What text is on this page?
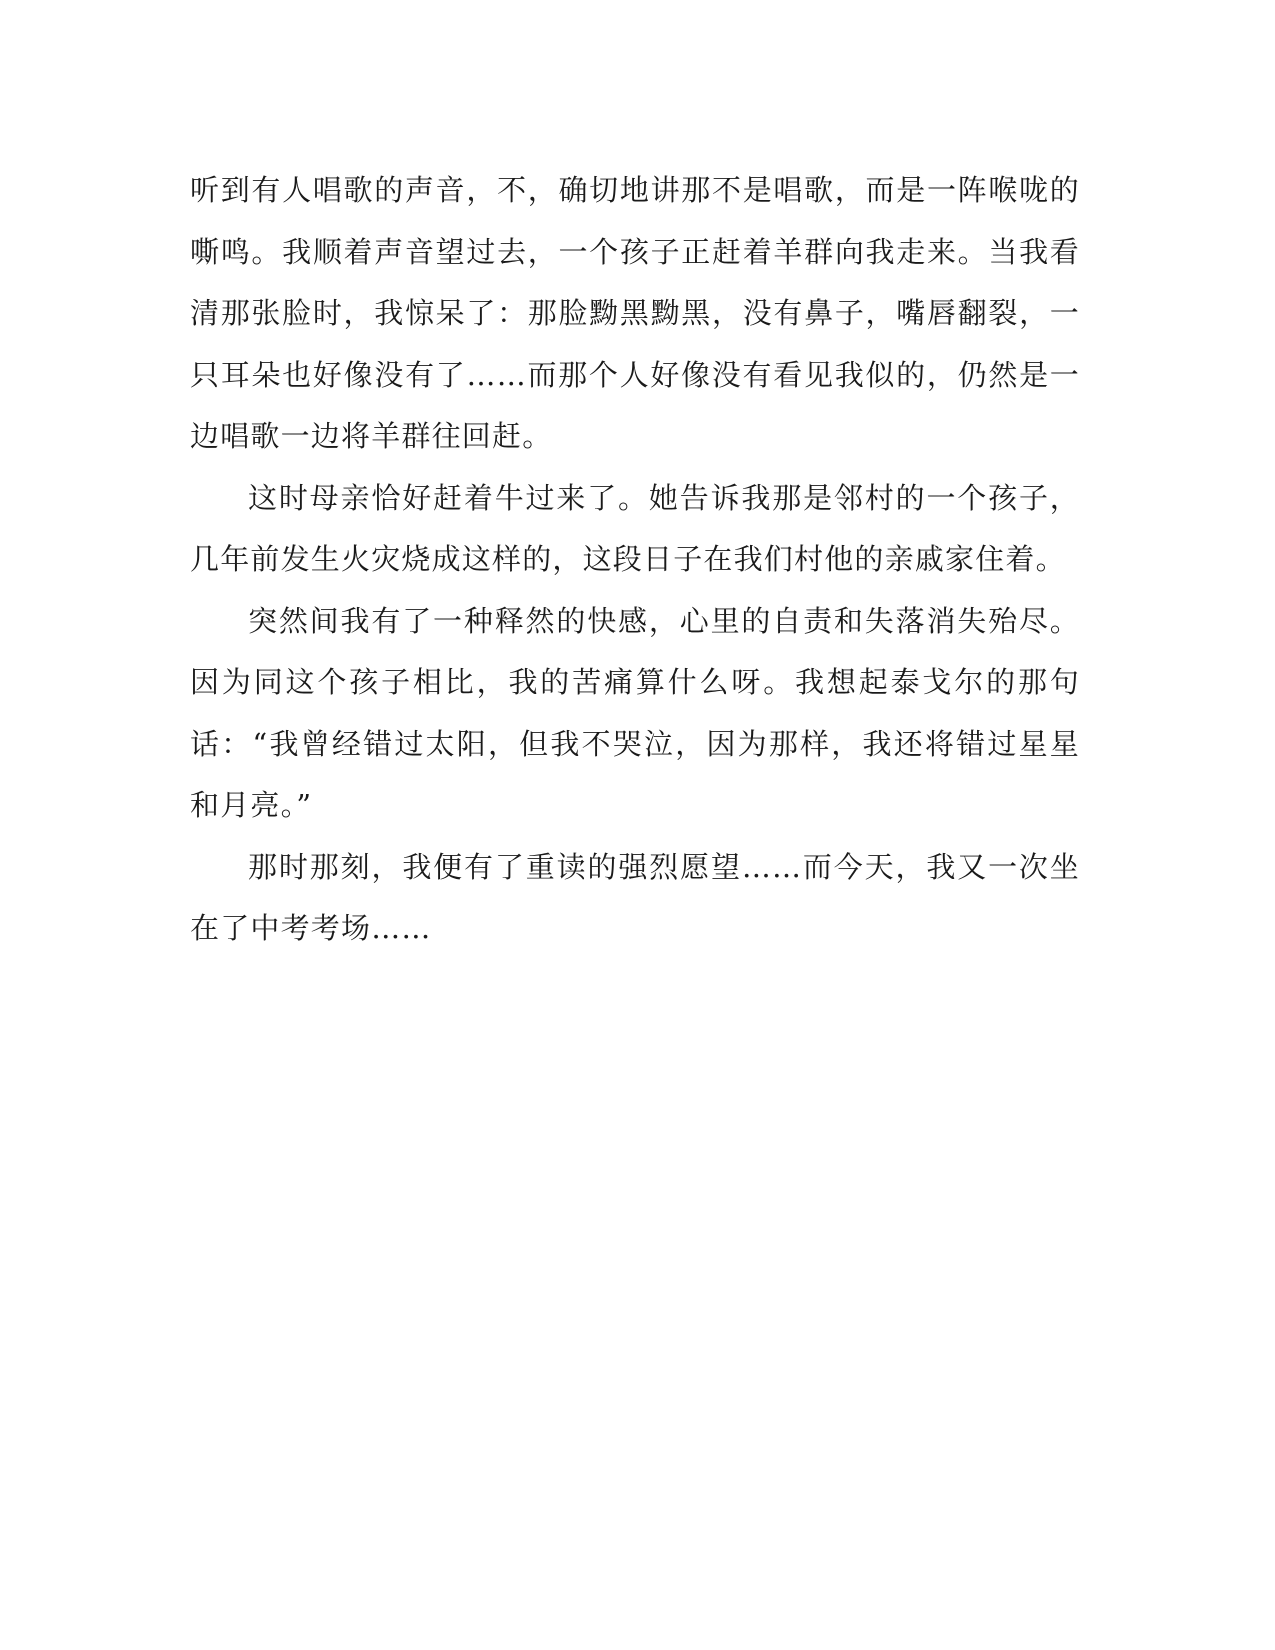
听到有人唱歌的声音，不，确切地讲那不是唱歌，而是一阵喉咙的嘶鸣。我顺着声音望过去，一个孩子正赶着羊群向我走来。当我看清那张脸时，我惊呆了：那脸黝黑黝黑，没有鼻子，嘴唇翻裂，一只耳朵也好像没有了……而那个人好像没有看见我似的，仍然是一边唱歌一边将羊群往回赶。

这时母亲恰好赶着牛过来了。她告诉我那是邻村的一个孩子，几年前发生火灾烧成这样的，这段日子在我们村他的亲戚家住着。

突然间我有了一种释然的快感，心里的自责和失落消失殆尽。因为同这个孩子相比，我的苦痛算什么呀。我想起泰戈尔的那句话：“我曾经错过太阳，但我不哭泣，因为那样，我还将错过星星和月亮。”

那时那刻，我便有了重读的强烈愿望……而今天，我又一次坐在了中考考场……
